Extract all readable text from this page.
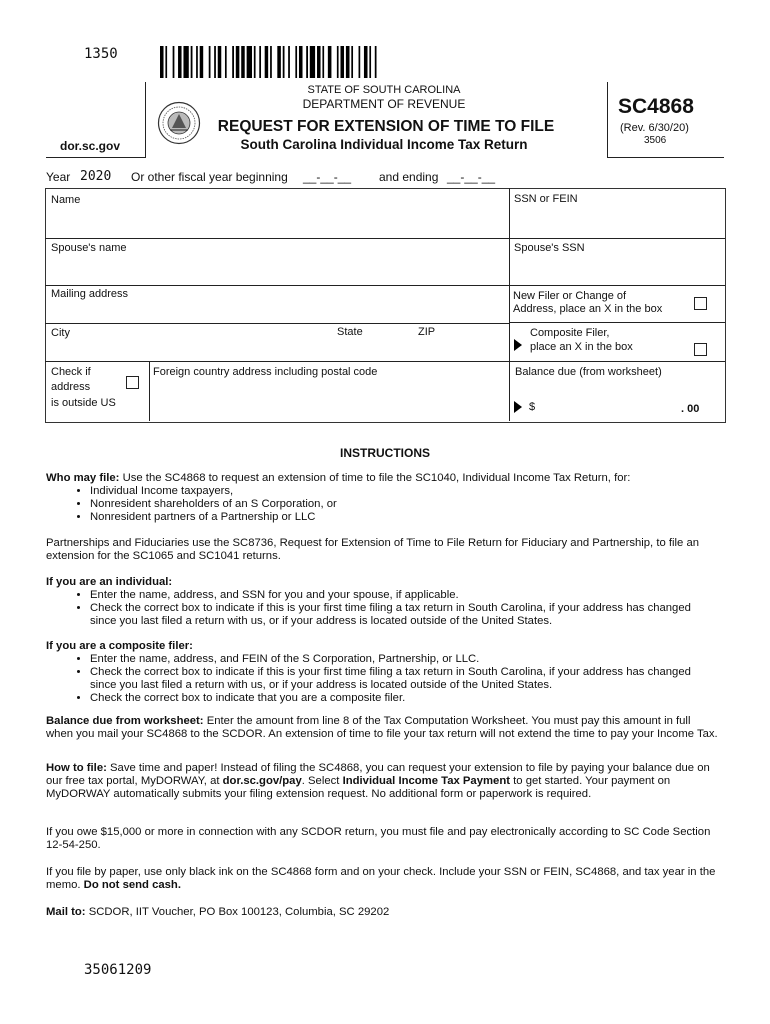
1350
dor.sc.gov
STATE OF SOUTH CAROLINA
DEPARTMENT OF REVENUE
REQUEST FOR EXTENSION OF TIME TO FILE
South Carolina Individual Income Tax Return
SC4868
(Rev. 6/30/20)
3506
Year 2020 Or other fiscal year beginning __-__-__ and ending __-__-__
Name	SSN or FEIN
Spouse's name	Spouse's SSN
Mailing address	New Filer or Change of
Address, place an X in the box
City	State	ZIP	Composite Filer,
place an X in the box
Check if
address
is outside US
Foreign country address including postal code	Balance due (from worksheet)
$	. 00
INSTRUCTIONS

Who may file: Use the SC4868 to request an extension of time to file the SC1040, Individual Income Tax Return, for:

• Individual Income taxpayers,
• Nonresident shareholders of an S Corporation, or
• Nonresident partners of a Partnership or LLC
Partnerships and Fiduciaries use the SC8736, Request for Extension of Time to File Return for Fiduciary and Partnership, to file an extension for the SC1065 and SC1041 returns.

If you are an individual:

• Enter the name, address, and SSN for you and your spouse, if applicable.
• Check the correct box to indicate if this is your first time filing a tax return in South Carolina, if your address has changed since you last filed a return with us, or if your address is located outside of the United States.

If you are a composite filer:

• Enter the name, address, and FEIN of the S Corporation, Partnership, or LLC.
• Check the correct box to indicate if this is your first time filing a tax return in South Carolina, if your address has changed since you last filed a return with us, or if your address is located outside of the United States.
• Check the correct box to indicate that you are a composite filer.

Balance due from worksheet: Enter the amount from line 8 of the Tax Computation Worksheet. You must pay this amount in full when you mail your SC4868 to the SCDOR. An extension of time to file your tax return will not extend the time to pay your Income Tax.

How to file: Save time and paper! Instead of filing the SC4868, you can request your extension to file by paying your balance due on our free tax portal, MyDORWAY, at dor.sc.gov/pay. Select Individual Income Tax Payment to get started. Your payment on MyDORWAY automatically submits your filing extension request. No additional form or paperwork is required.

If you owe $15,000 or more in connection with any SCDOR return, you must file and pay electronically according to SC Code Section 12-54-250.

If you file by paper, use only black ink on the SC4868 form and on your check. Include your SSN or FEIN, SC4868, and tax year in the memo. Do not send cash.

Mail to: SCDOR, IIT Voucher, PO Box 100123, Columbia, SC 29202

35061209
